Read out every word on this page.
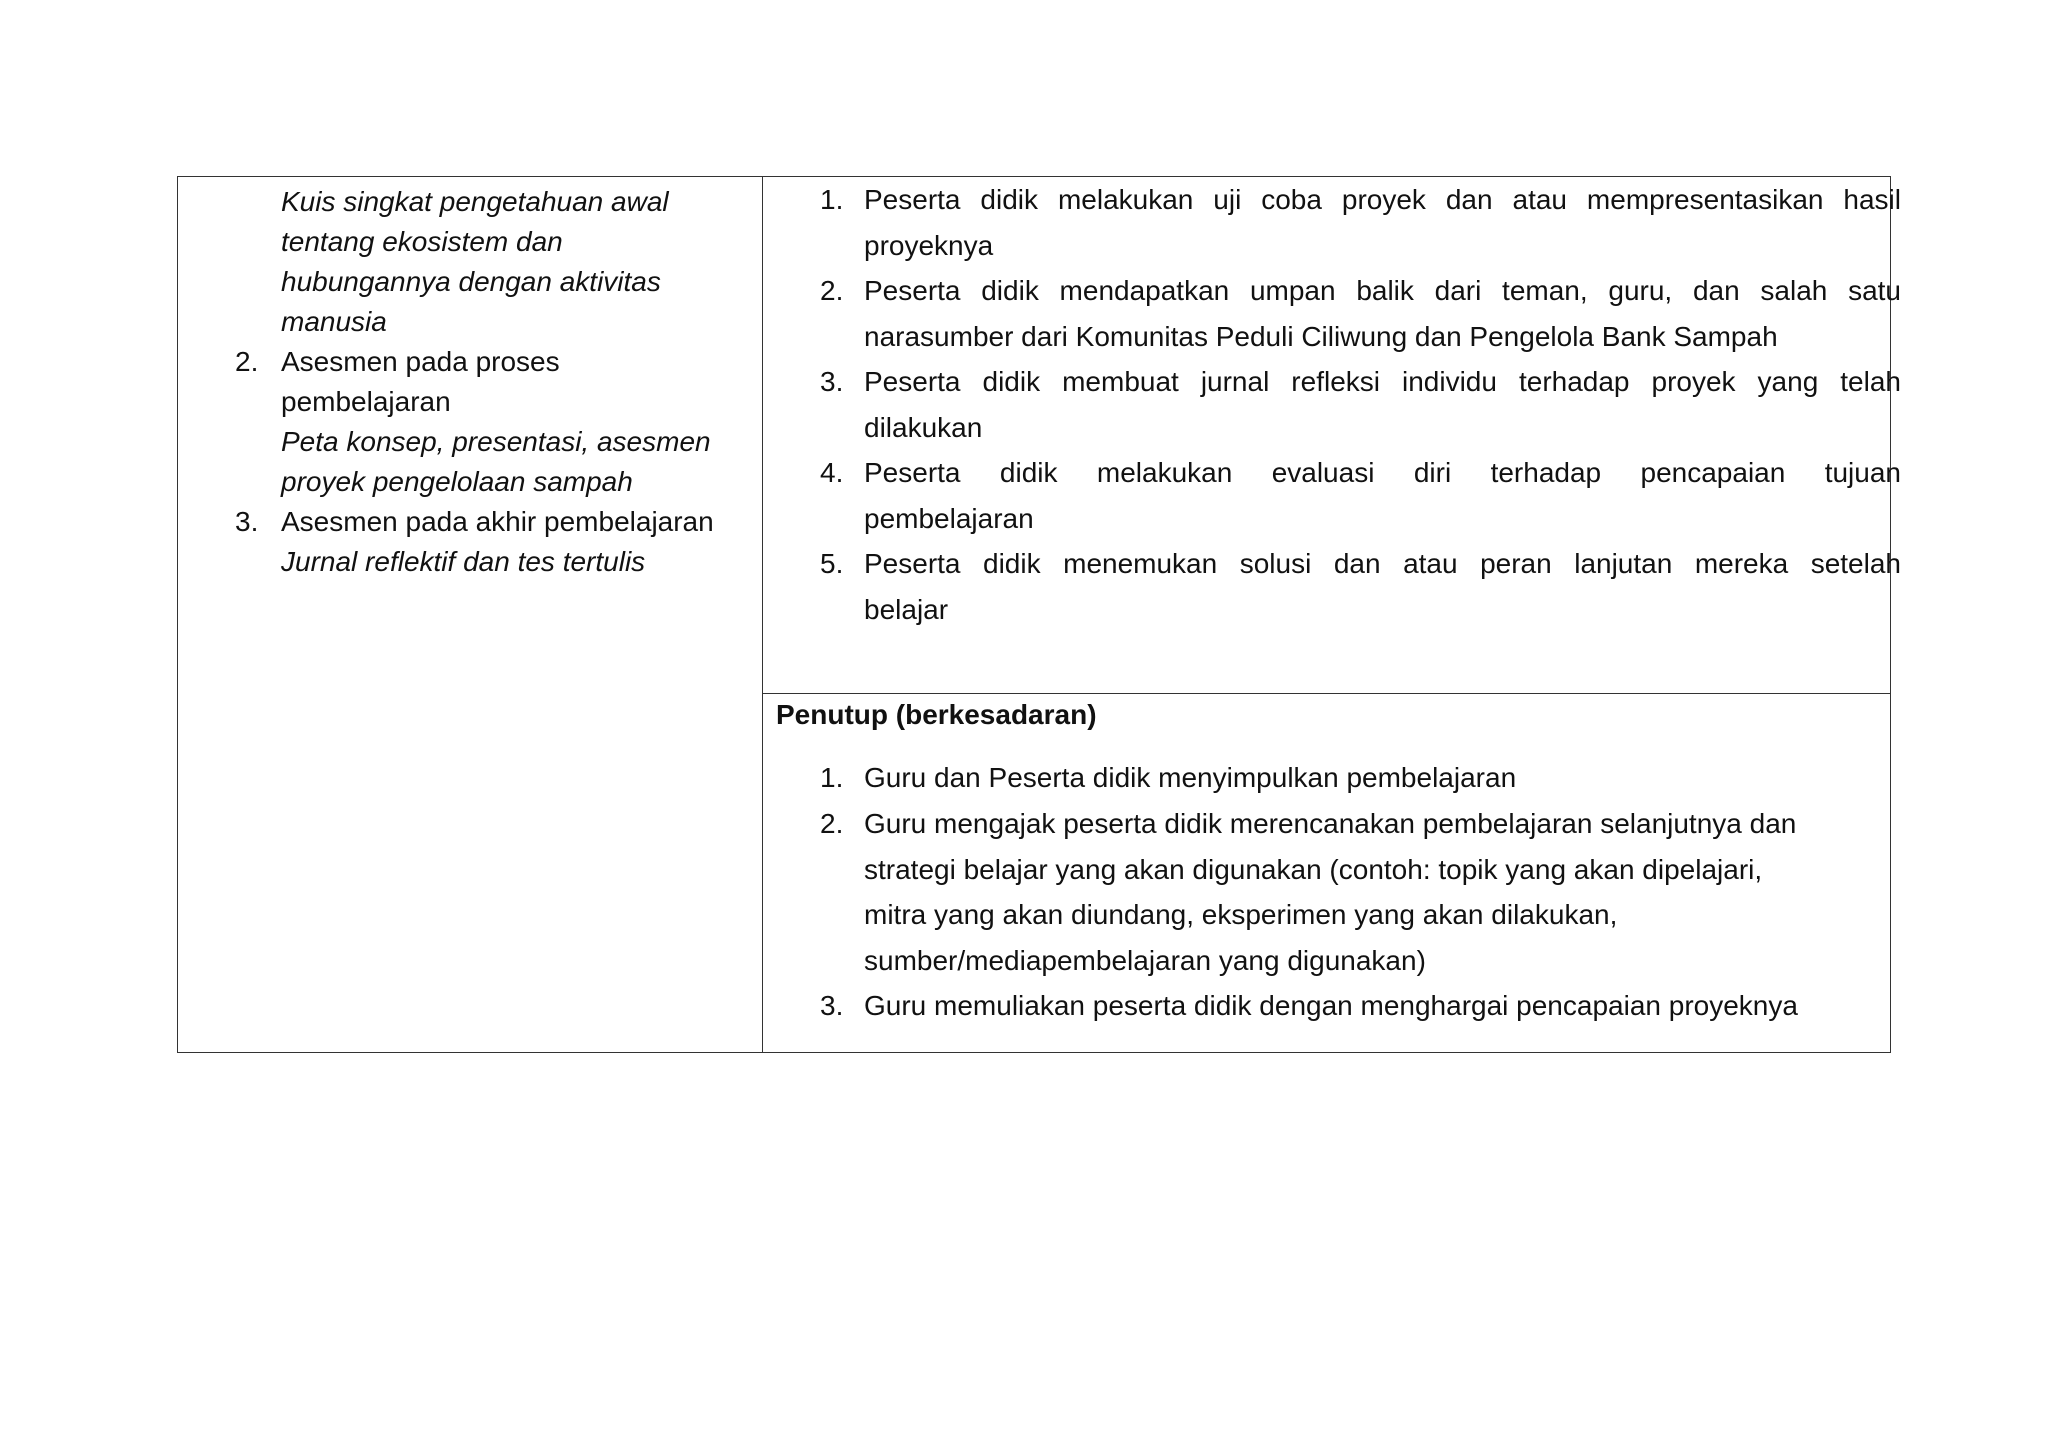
Kuis singkat pengetahuan awal
tentang ekosistem dan
hubungannya dengan aktivitas
manusia
2. Asesmen pada proses
pembelajaran
Peta konsep, presentasi, asesmen
proyek pengelolaan sampah
3. Asesmen pada akhir pembelajaran
Jurnal reflektif dan tes tertulis
1. Peserta didik melakukan uji coba proyek dan atau mempresentasikan hasil
proyeknya
2. Peserta didik mendapatkan umpan balik dari teman, guru, dan salah satu
narasumber dari Komunitas Peduli Ciliwung dan Pengelola Bank Sampah
3. Peserta didik membuat jurnal refleksi individu terhadap proyek yang telah
dilakukan
4. Peserta didik melakukan evaluasi diri terhadap pencapaian tujuan
pembelajaran
5. Peserta didik menemukan solusi dan atau peran lanjutan mereka setelah
belajar
Penutup (berkesadaran)
1. Guru dan Peserta didik menyimpulkan pembelajaran
2. Guru mengajak peserta didik merencanakan pembelajaran selanjutnya dan
strategi belajar yang akan digunakan (contoh: topik yang akan dipelajari,
mitra yang akan diundang, eksperimen yang akan dilakukan,
sumber/mediapembelajaran yang digunakan)
3. Guru memuliakan peserta didik dengan menghargai pencapaian proyeknya
